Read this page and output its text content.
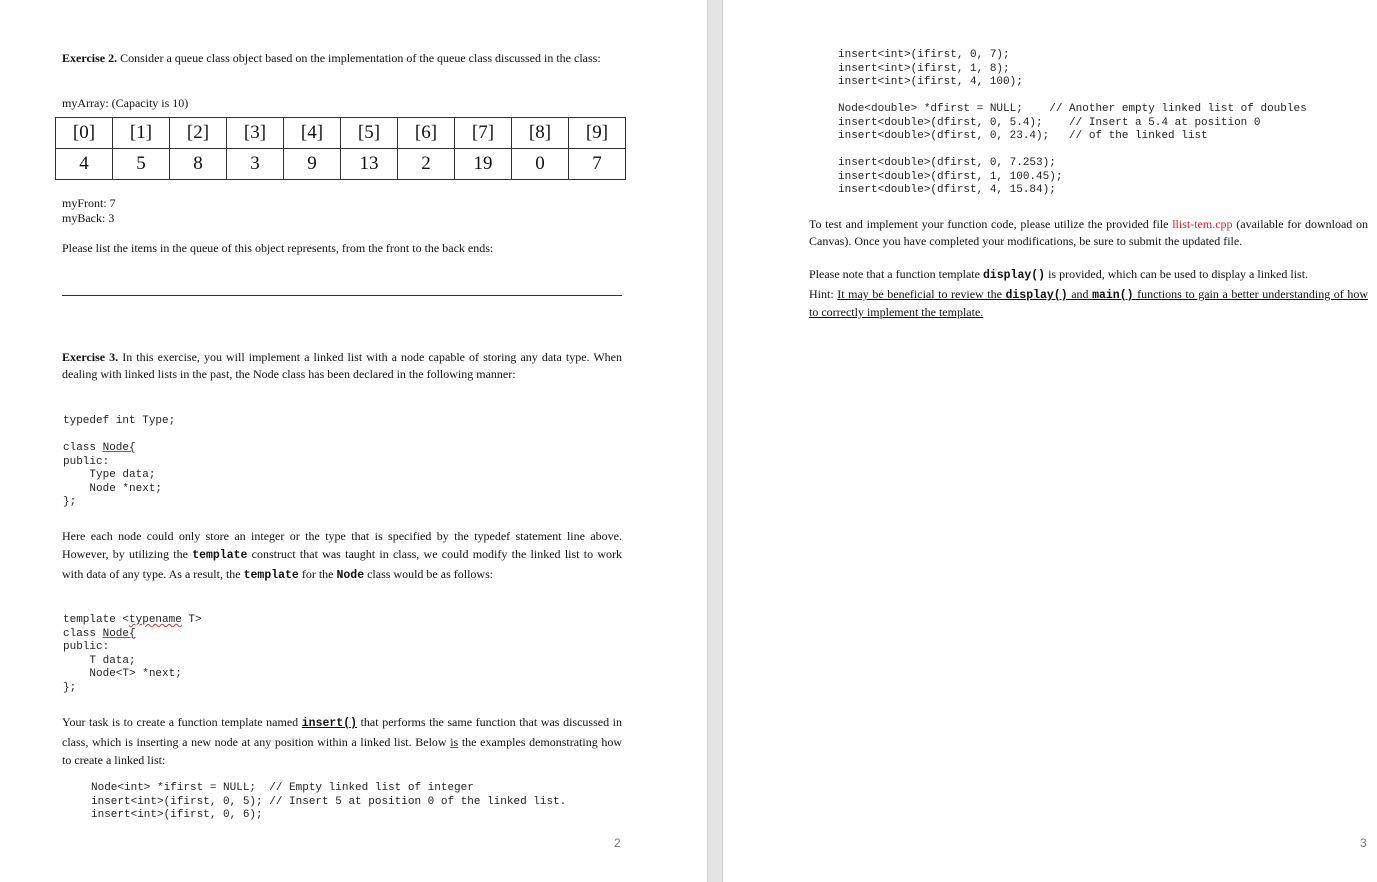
Exercise 2. Consider a queue class object based on the implementation of the queue class discussed in the class:
myArray: (Capacity is 10)
[0]	[1]	[2]	[3]	[4]	[5]	[6]	[7]	[8]	[9]
4	5	8	3	9	13	2	19	0	7
myFront: 7
myBack: 3
Please list the items in the queue of this object represents, from the front to the back ends:
Exercise 3. In this exercise, you will implement a linked list with a node capable of storing any data type. When dealing with linked lists in the past, the Node class has been declared in the following manner:
typedef int Type;
class Node{
public:
Type data;
Node *next;
};
Here each node could only store an integer or the type that is specified by the typedef statement line above. However, by utilizing the template construct that was taught in class, we could modify the linked list to work with data of any type. As a result, the template for the Node class would be as follows:
template <typename T>
class Node{
public:
T data;
Node<T> *next;
};
Your task is to create a function template named insert() that performs the same function that was discussed in class, which is inserting a new node at any position within a linked list. Below is the examples demonstrating how to create a linked list:
Node<int> *ifirst = NULL;  // Empty linked list of integer
insert<int>(ifirst, 0, 5); // Insert 5 at position 0 of the linked list.
insert<int>(ifirst, 0, 6);
2
insert<int>(ifirst, 0, 7);
insert<int>(ifirst, 1, 8);
insert<int>(ifirst, 4, 100);
Node<double> *dfirst = NULL;    // Another empty linked list of doubles
insert<double>(dfirst, 0, 5.4);    // Insert a 5.4 at position 0
insert<double>(dfirst, 0, 23.4);   // of the linked list
insert<double>(dfirst, 0, 7.253);
insert<double>(dfirst, 1, 100.45);
insert<double>(dfirst, 4, 15.84);
To test and implement your function code, please utilize the provided file llist-tem.cpp (available for download on Canvas). Once you have completed your modifications, be sure to submit the updated file.
Please note that a function template display() is provided, which can be used to display a linked list.
Hint: It may be beneficial to review the display() and main() functions to gain a better understanding of how to correctly implement the template.
3
